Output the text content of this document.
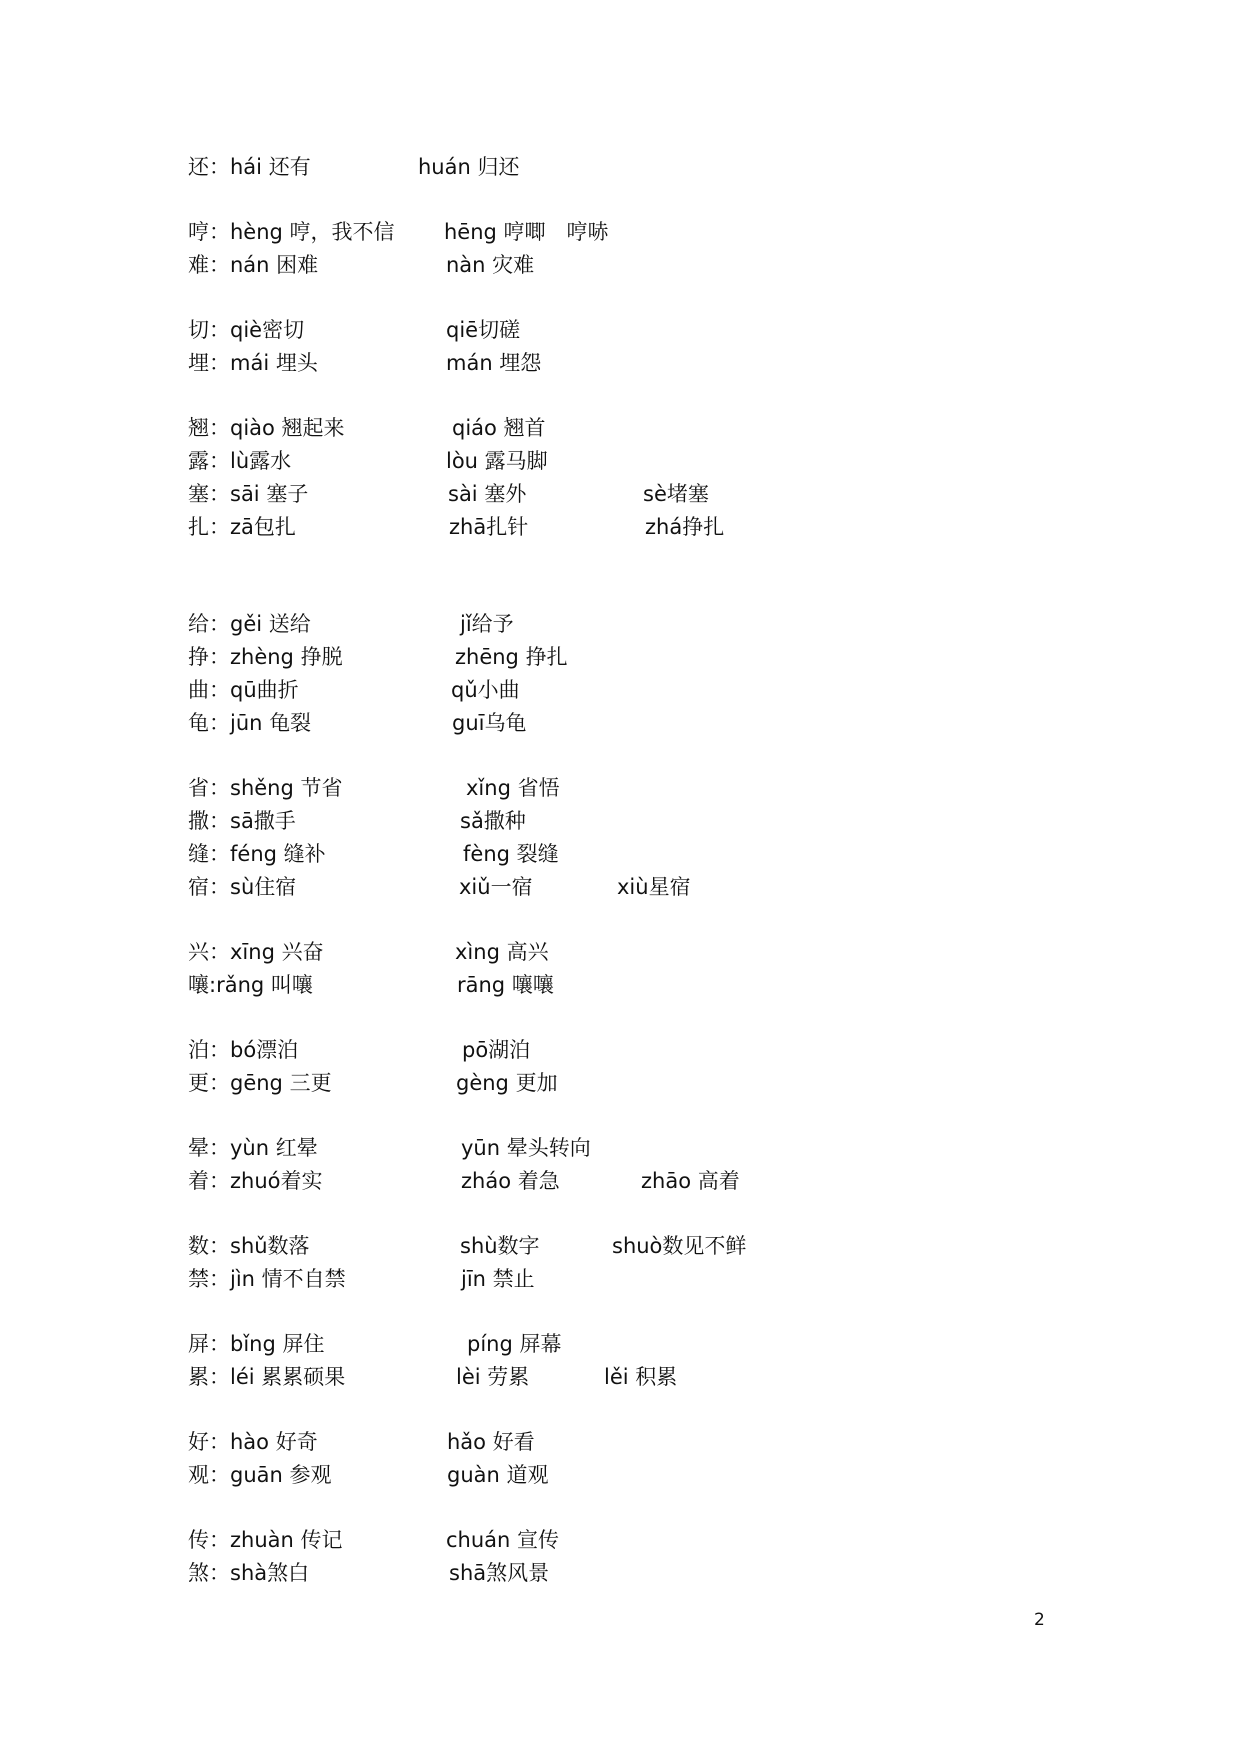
还：hái 还有	huán 归还
哼：hèng 哼，我不信 hēng 哼唧　哼哧
难：nán 困难	nàn 灾难
切：qiè密切	qiē切磋
埋：mái 埋头	mán 埋怨
翘：qiào 翘起来	qiáo 翘首
露：lù露水	lòu 露马脚
塞：sāi 塞子	sài 塞外	sè堵塞
扎：zā包扎	zhā扎针	zhá挣扎
给：gěi 送给	jǐ给予
挣：zhèng 挣脱	zhēng 挣扎
曲：qū曲折	qǔ小曲
龟：jūn 龟裂	guī乌龟
省：shěng 节省	xǐng 省悟
撒：sā撒手	sǎ撒种
缝：féng 缝补	fèng 裂缝
宿：sù住宿	xiǔ一宿	xiù星宿
兴：xīng 兴奋	xìng 高兴
嚷:rǎng 叫嚷	rāng 嚷嚷
泊：bó漂泊	pō湖泊
更：gēng 三更	gèng 更加
晕：yùn 红晕	yūn 晕头转向
着：zhuó着实	zháo 着急	zhāo 高着
数：shǔ数落	shù数字	shuò数见不鲜
禁：jìn 情不自禁	jīn 禁止
屏：bǐng 屏住	píng 屏幕
累：léi 累累硕果	lèi 劳累	lěi 积累
好：hào 好奇	hǎo 好看
观：guān 参观	guàn 道观
传：zhuàn 传记	chuán 宣传
煞：shà煞白	shā煞风景
2
